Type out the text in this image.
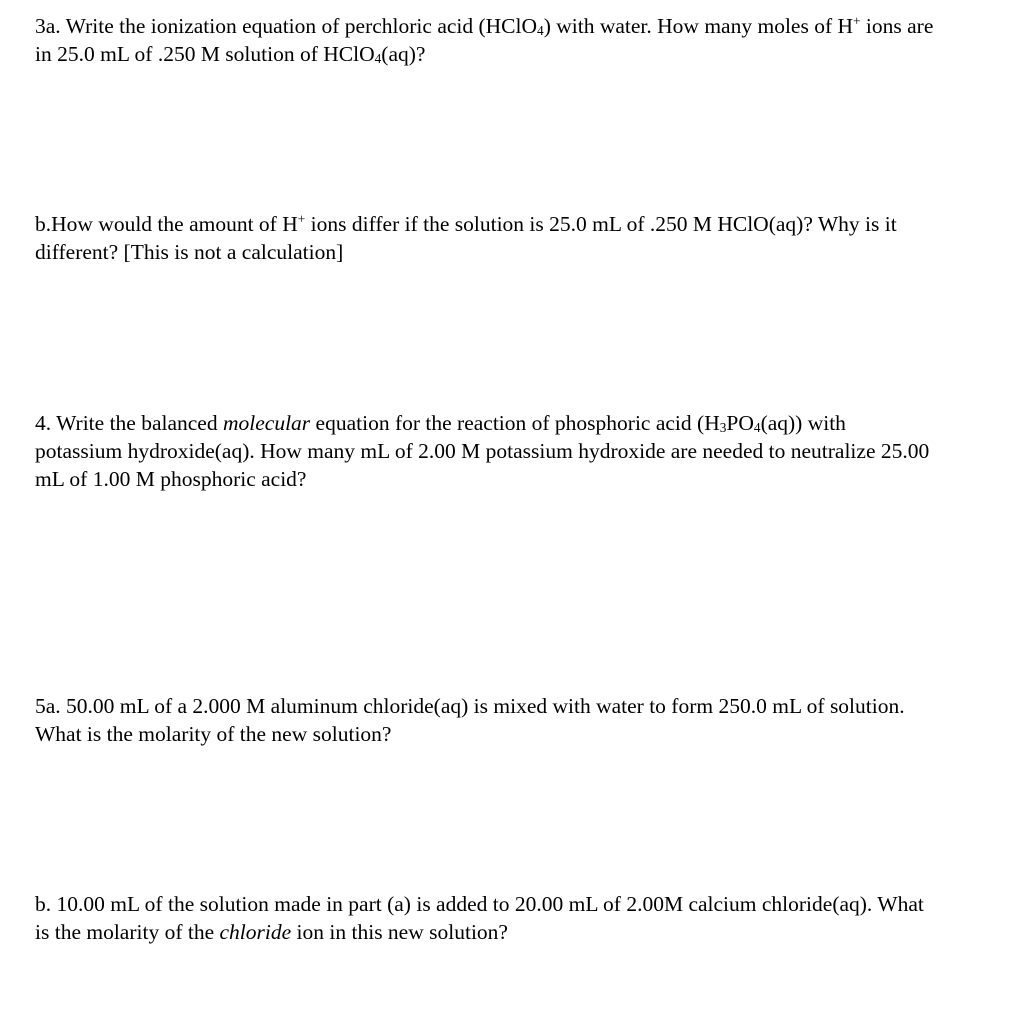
3a. Write the ionization equation of perchloric acid (HClO$_4$) with water. How many moles of H+ ions are in 25.0 mL of .250 M solution of HClO$_4$(aq)?

b.How would the amount of H+ ions differ if the solution is 25.0 mL of .250 M HClO(aq)? Why is it different? [This is not a calculation]

4. Write the balanced molecular equation for the reaction of phosphoric acid $(H_3PO_4(aq))$ with potassium hydroxide(aq). How many mL of 2.00 M potassium hydroxide are needed to neutralize 25.00 mL of 1.00 M phosphoric acid?

5a. 50.00 mL of a 2.000 M aluminum chloride(aq) is mixed with water to form 250.0 mL of solution. What is the molarity of the new solution?

b. 10.00 mL of the solution made in part (a) is added to 20.00 mL of 2.00M calcium chloride(aq). What is the molarity of the chloride ion in this new solution?
